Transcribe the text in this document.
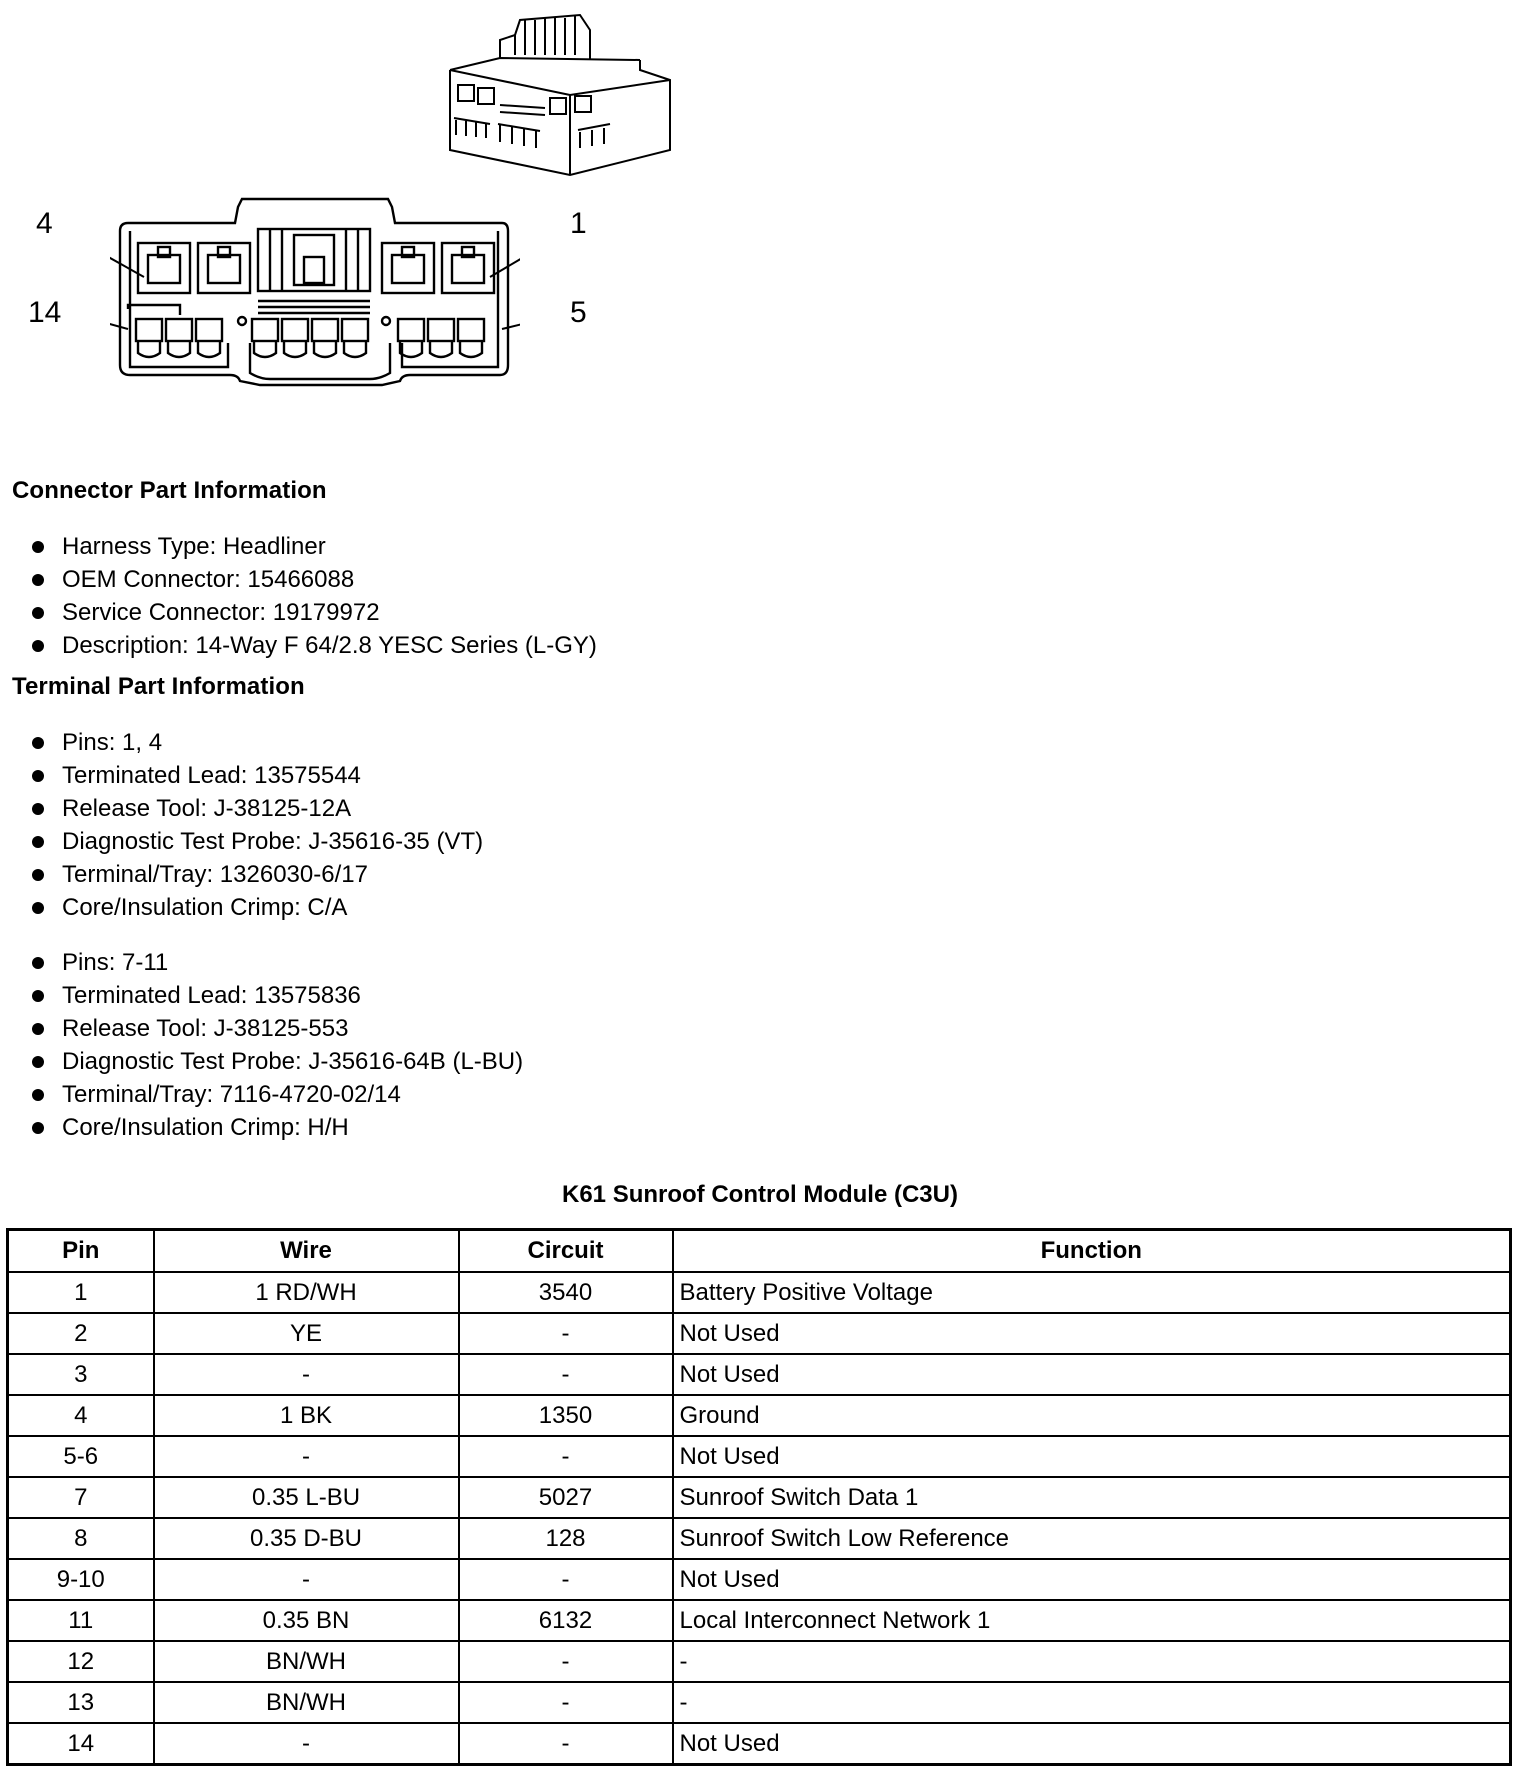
4	1
14	5
Connector Part Information
Harness Type: Headliner
OEM Connector: 15466088
Service Connector: 19179972
Description: 14-Way F 64/2.8 YESC Series (L-GY)
Terminal Part Information
Pins: 1, 4
Terminated Lead: 13575544
Release Tool: J-38125-12A
Diagnostic Test Probe: J-35616-35 (VT)
Terminal/Tray: 1326030-6/17
Core/Insulation Crimp: C/A
Pins: 7-11
Terminated Lead: 13575836
Release Tool: J-38125-553
Diagnostic Test Probe: J-35616-64B (L-BU)
Terminal/Tray: 7116-4720-02/14
Core/Insulation Crimp: H/H
K61 Sunroof Control Module (C3U)
Pin	Wire	Circuit	Function
1	1 RD/WH	3540	Battery Positive Voltage
2	YE	-	Not Used
3	-	-	Not Used
4	1 BK	1350	Ground
5-6	-	-	Not Used
7	0.35 L-BU	5027	Sunroof Switch Data 1
8	0.35 D-BU	128	Sunroof Switch Low Reference
9-10	-	-	Not Used
11	0.35 BN	6132	Local Interconnect Network 1
12	BN/WH	-	-
13	BN/WH	-	-
14	-	-	Not Used
